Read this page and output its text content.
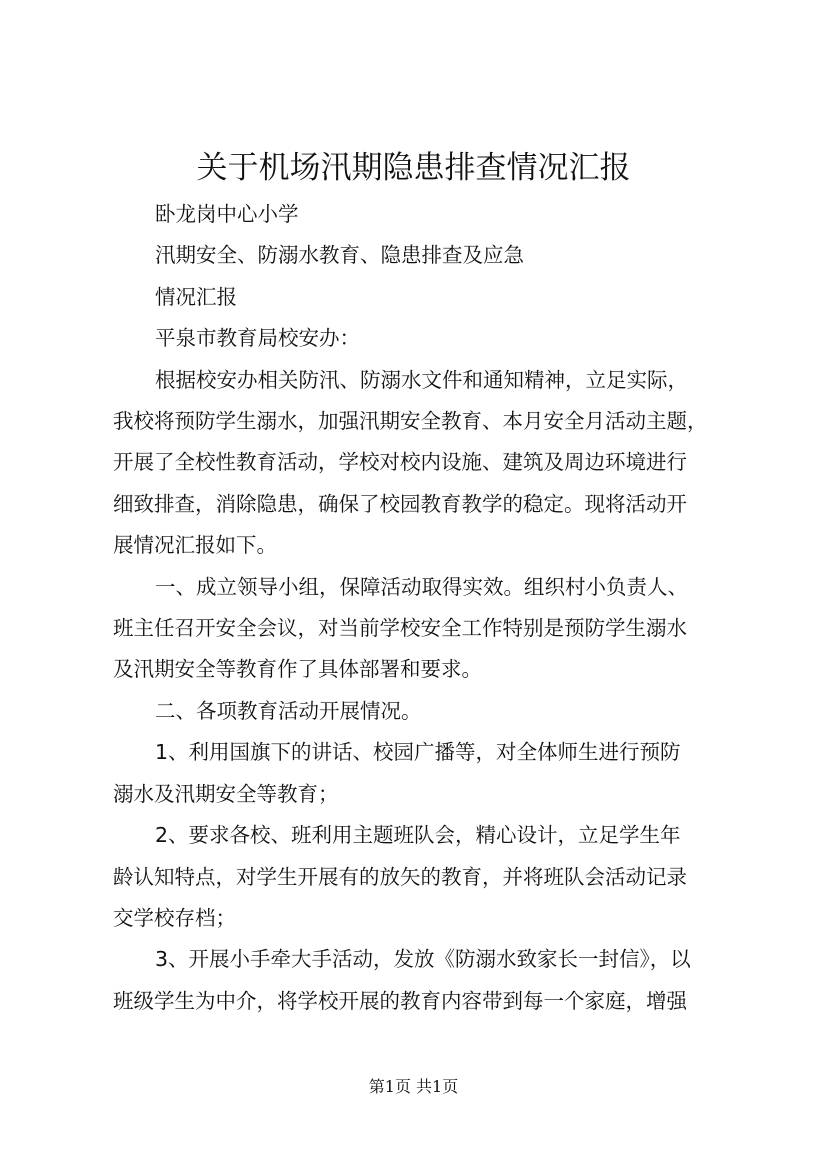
关于机场汛期隐患排查情况汇报
卧龙岗中心小学
汛期安全、防溺水教育、隐患排查及应急
情况汇报
平泉市教育局校安办：
根据校安办相关防汛、防溺水文件和通知精神，立足实际，
我校将预防学生溺水，加强汛期安全教育、本月安全月活动主题，
开展了全校性教育活动，学校对校内设施、建筑及周边环境进行
细致排查，消除隐患，确保了校园教育教学的稳定。现将活动开
展情况汇报如下。
一、成立领导小组，保障活动取得实效。组织村小负责人、
班主任召开安全会议，对当前学校安全工作特别是预防学生溺水
及汛期安全等教育作了具体部署和要求。
二、各项教育活动开展情况。
1、利用国旗下的讲话、校园广播等，对全体师生进行预防
溺水及汛期安全等教育；
2、要求各校、班利用主题班队会，精心设计，立足学生年
龄认知特点，对学生开展有的放矢的教育，并将班队会活动记录
交学校存档；
3、开展小手牵大手活动，发放《防溺水致家长一封信》，以
班级学生为中介，将学校开展的教育内容带到每一个家庭，增强
第1页 共1页
